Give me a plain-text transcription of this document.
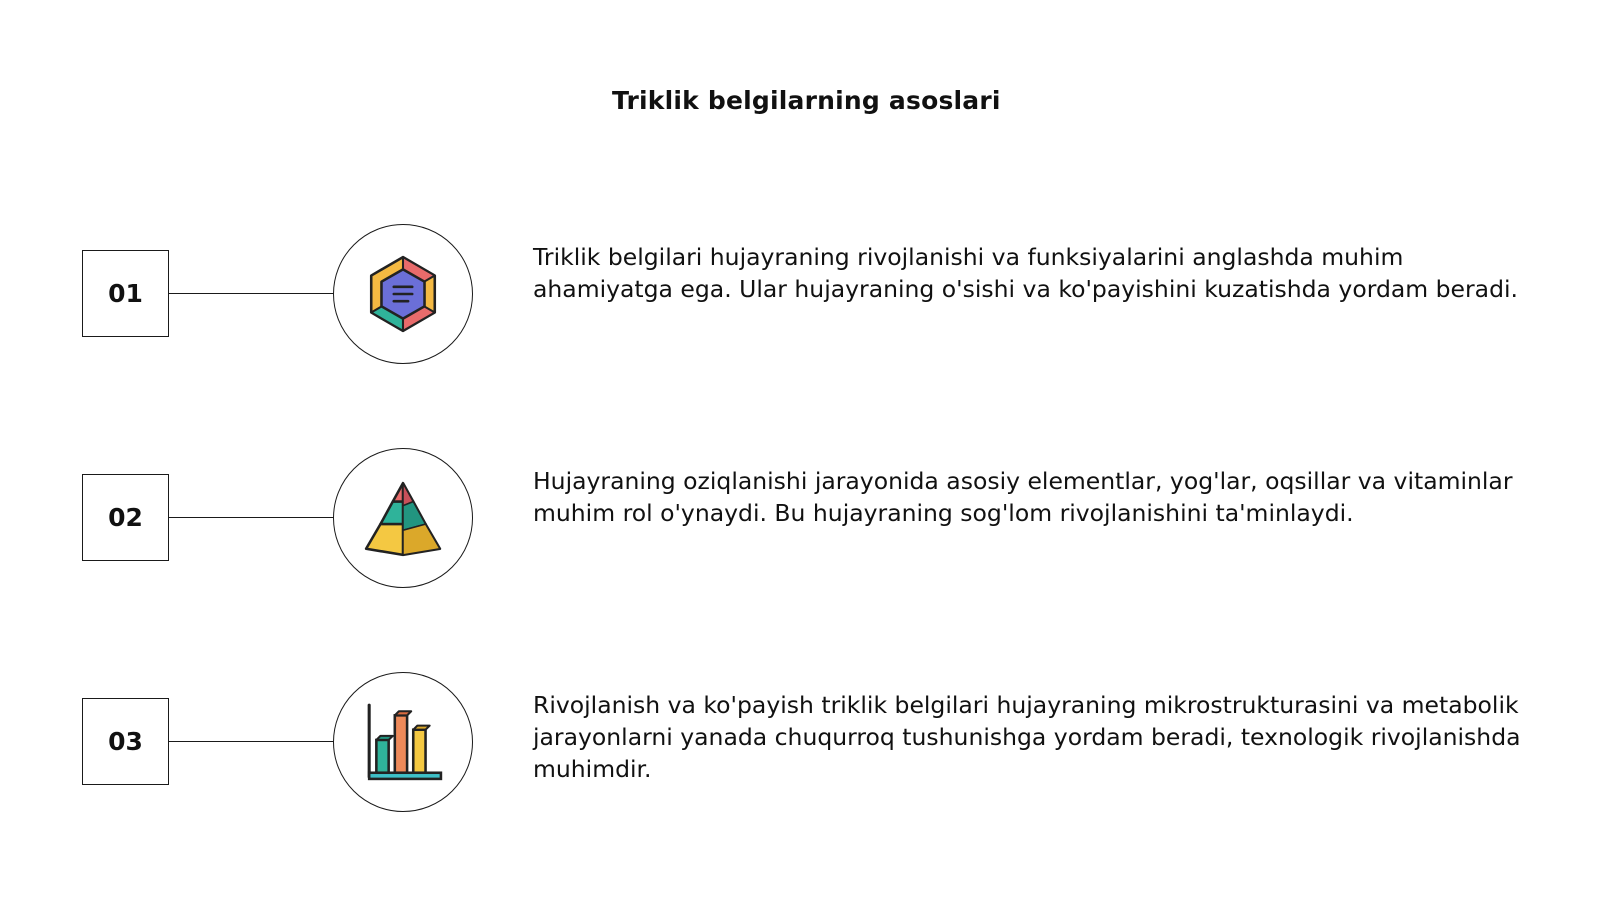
Triklik belgilarning asoslari
01
Triklik belgilari hujayraning rivojlanishi va funksiyalarini anglashda muhim ahamiyatga ega. Ular hujayraning o'sishi va ko'payishini kuzatishda yordam beradi.
02
Hujayraning oziqlanishi jarayonida asosiy elementlar, yog'lar, oqsillar va vitaminlar muhim rol o'ynaydi. Bu hujayraning sog'lom rivojlanishini ta'minlaydi.
03
Rivojlanish va ko'payish triklik belgilari hujayraning mikrostrukturasini va metabolik jarayonlarni yanada chuqurroq tushunishga yordam beradi, texnologik rivojlanishda muhimdir.
